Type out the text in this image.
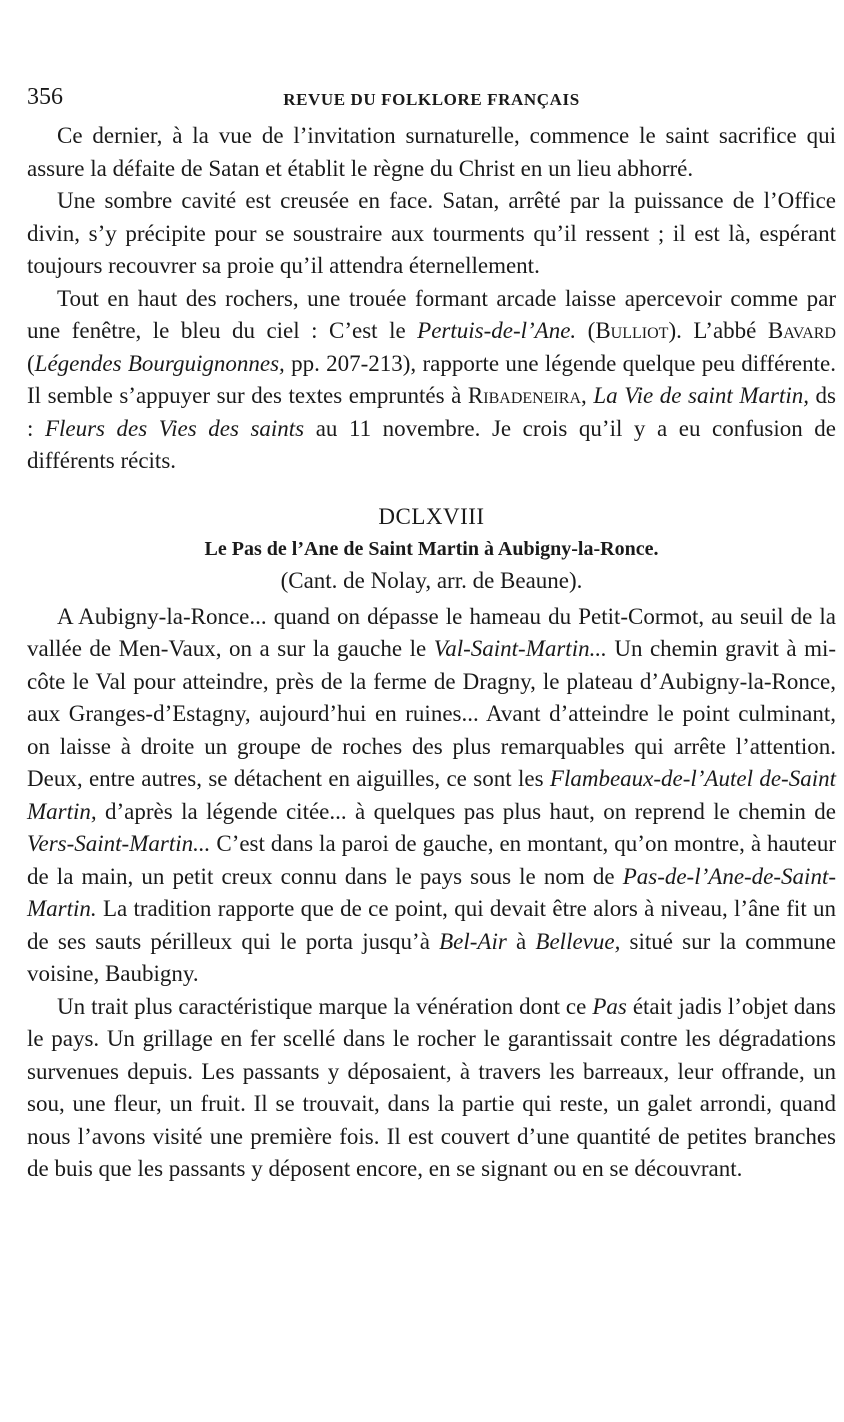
356	REVUE DU FOLKLORE FRANÇAIS

Ce dernier, à la vue de l’invitation surnaturelle, commence le saint sacrifice qui assure la défaite de Satan et établit le règne du Christ en un lieu abhorré.

Une sombre cavité est creusée en face. Satan, arrêté par la puissance de l’Office divin, s’y précipite pour se soustraire aux tourments qu’il ressent ; il est là, espérant toujours recouvrer sa proie qu’il attendra éternellement.

Tout en haut des rochers, une trouée formant arcade laisse apercevoir comme par une fenêtre, le bleu du ciel : C’est le Pertuis-de-l’Ane. (Bulliot). L’abbé Bavard (Légendes Bourguignonnes, pp. 207-213), rapporte une légende quelque peu différente. Il semble s’appuyer sur des textes empruntés à Ribadeneira, La Vie de saint Martin, ds : Fleurs des Vies des saints au 11 novembre. Je crois qu’il y a eu confusion de différents récits.

DCLXVIII
Le Pas de l’Ane de Saint Martin à Aubigny-la-Ronce.
(Cant. de Nolay, arr. de Beaune).

A Aubigny-la-Ronce... quand on dépasse le hameau du Petit-Cormot, au seuil de la vallée de Men-Vaux, on a sur la gauche le Val-Saint-Martin... Un chemin gravit à mi-côte le Val pour atteindre, près de la ferme de Dragny, le plateau d’Aubigny-la-Ronce, aux Granges-d’Estagny, aujourd’hui en ruines... Avant d’atteindre le point culminant, on laisse à droite un groupe de roches des plus remarquables qui arrête l’attention. Deux, entre autres, se détachent en aiguilles, ce sont les Flambeaux-de-l’Autel de-Saint Martin, d’après la légende citée... à quelques pas plus haut, on reprend le chemin de Vers-Saint-Martin... C’est dans la paroi de gauche, en montant, qu’on montre, à hauteur de la main, un petit creux connu dans le pays sous le nom de Pas-de-l’Ane-de-Saint-Martin. La tradition rapporte que de ce point, qui devait être alors à niveau, l’âne fit un de ses sauts périlleux qui le porta jusqu’à Bel-Air à Bellevue, situé sur la commune voisine, Baubigny.

Un trait plus caractéristique marque la vénération dont ce Pas était jadis l’objet dans le pays. Un grillage en fer scellé dans le rocher le garantissait contre les dégradations survenues depuis. Les passants y déposaient, à travers les barreaux, leur offrande, un sou, une fleur, un fruit. Il se trouvait, dans la partie qui reste, un galet arrondi, quand nous l’avons visité une première fois. Il est couvert d’une quantité de petites branches de buis que les passants y déposent encore, en se signant ou en se découvrant.
